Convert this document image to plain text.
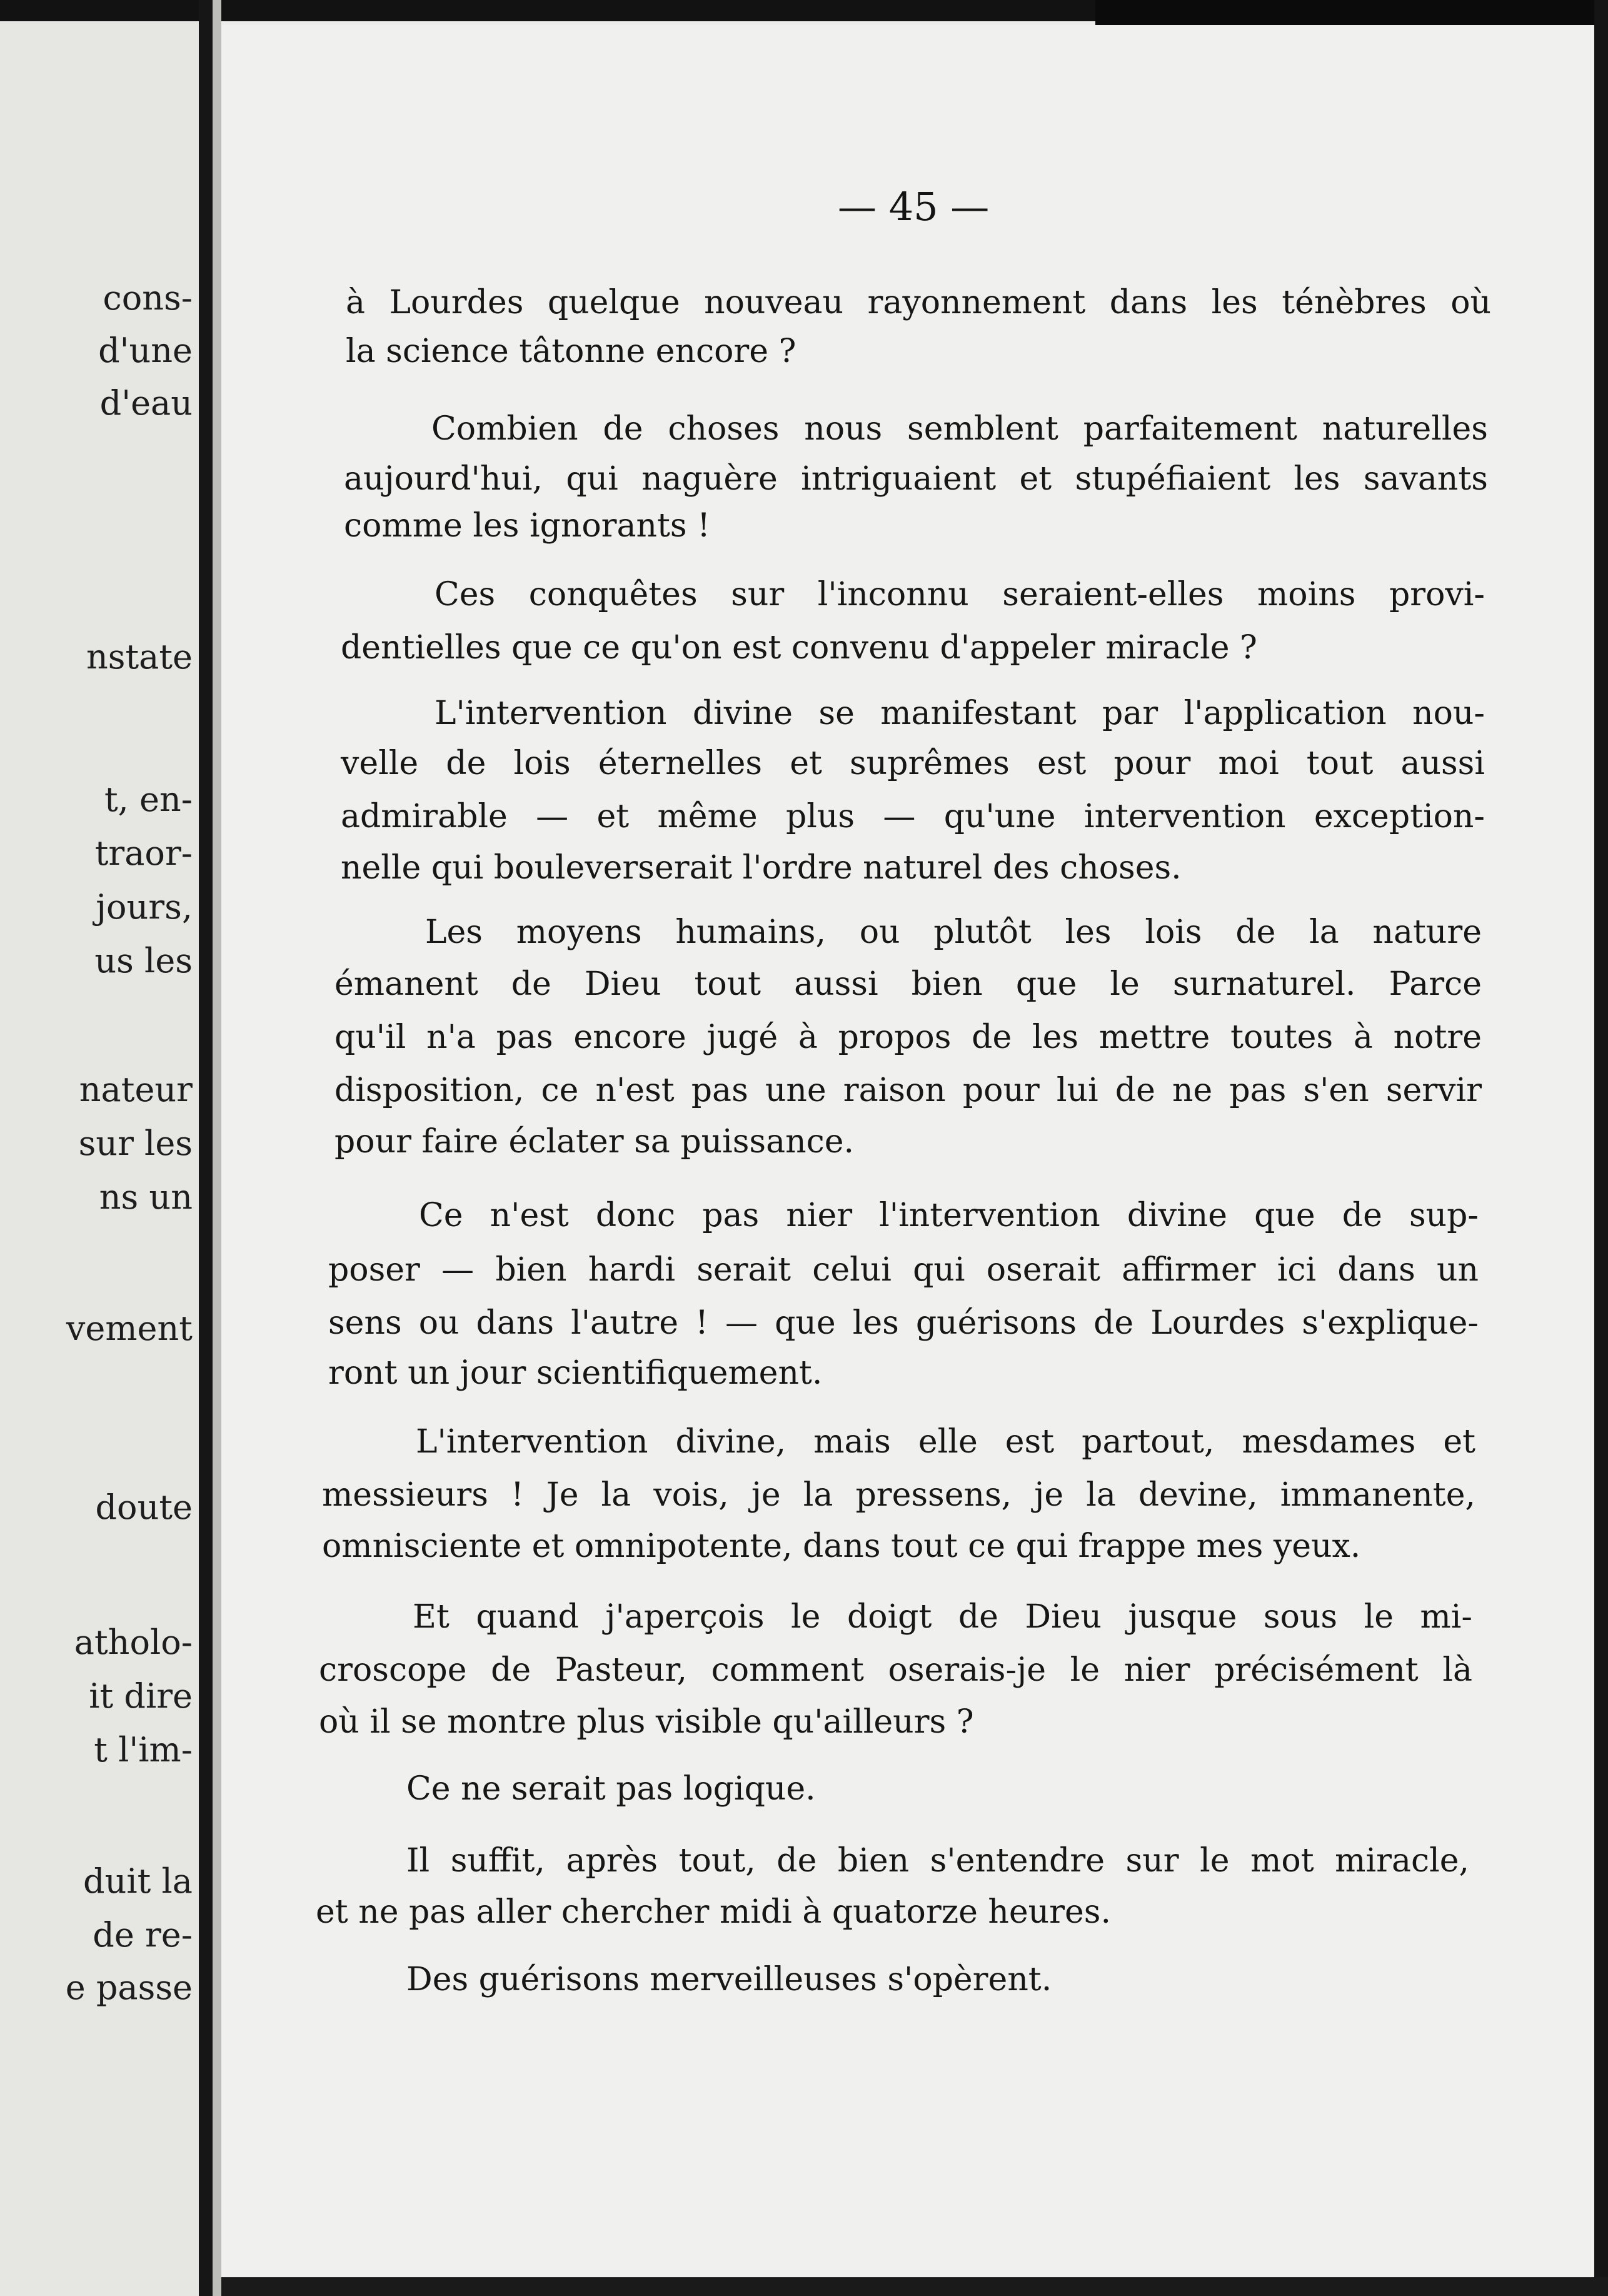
cons-
d'une
d'eau
nstate
t, en-
traor-
jours,
us les
nateur
sur les
ns un
vement
doute
atholo-
it dire
t l'im-
duit la
de re-
e passe
— 45 —
à Lourdes quelque nouveau rayonnement dans les ténèbres où
la science tâtonne encore ?
Combien de choses nous semblent parfaitement naturelles
aujourd'hui, qui naguère intriguaient et stupéfiaient les savants
comme les ignorants !
Ces conquêtes sur l'inconnu seraient-elles moins provi-
dentielles que ce qu'on est convenu d'appeler miracle ?
L'intervention divine se manifestant par l'application nou-
velle de lois éternelles et suprêmes est pour moi tout aussi
admirable — et même plus — qu'une intervention exception-
nelle qui bouleverserait l'ordre naturel des choses.
Les moyens humains, ou plutôt les lois de la nature
émanent de Dieu tout aussi bien que le surnaturel. Parce
qu'il n'a pas encore jugé à propos de les mettre toutes à notre
disposition, ce n'est pas une raison pour lui de ne pas s'en servir
pour faire éclater sa puissance.
Ce n'est donc pas nier l'intervention divine que de sup-
poser — bien hardi serait celui qui oserait affirmer ici dans un
sens ou dans l'autre ! — que les guérisons de Lourdes s'explique-
ront un jour scientifiquement.
L'intervention divine, mais elle est partout, mesdames et
messieurs ! Je la vois, je la pressens, je la devine, immanente,
omnisciente et omnipotente, dans tout ce qui frappe mes yeux.
Et quand j'aperçois le doigt de Dieu jusque sous le mi-
croscope de Pasteur, comment oserais-je le nier précisément là
où il se montre plus visible qu'ailleurs ?
Ce ne serait pas logique.
Il suffit, après tout, de bien s'entendre sur le mot miracle,
et ne pas aller chercher midi à quatorze heures.
Des guérisons merveilleuses s'opèrent.
